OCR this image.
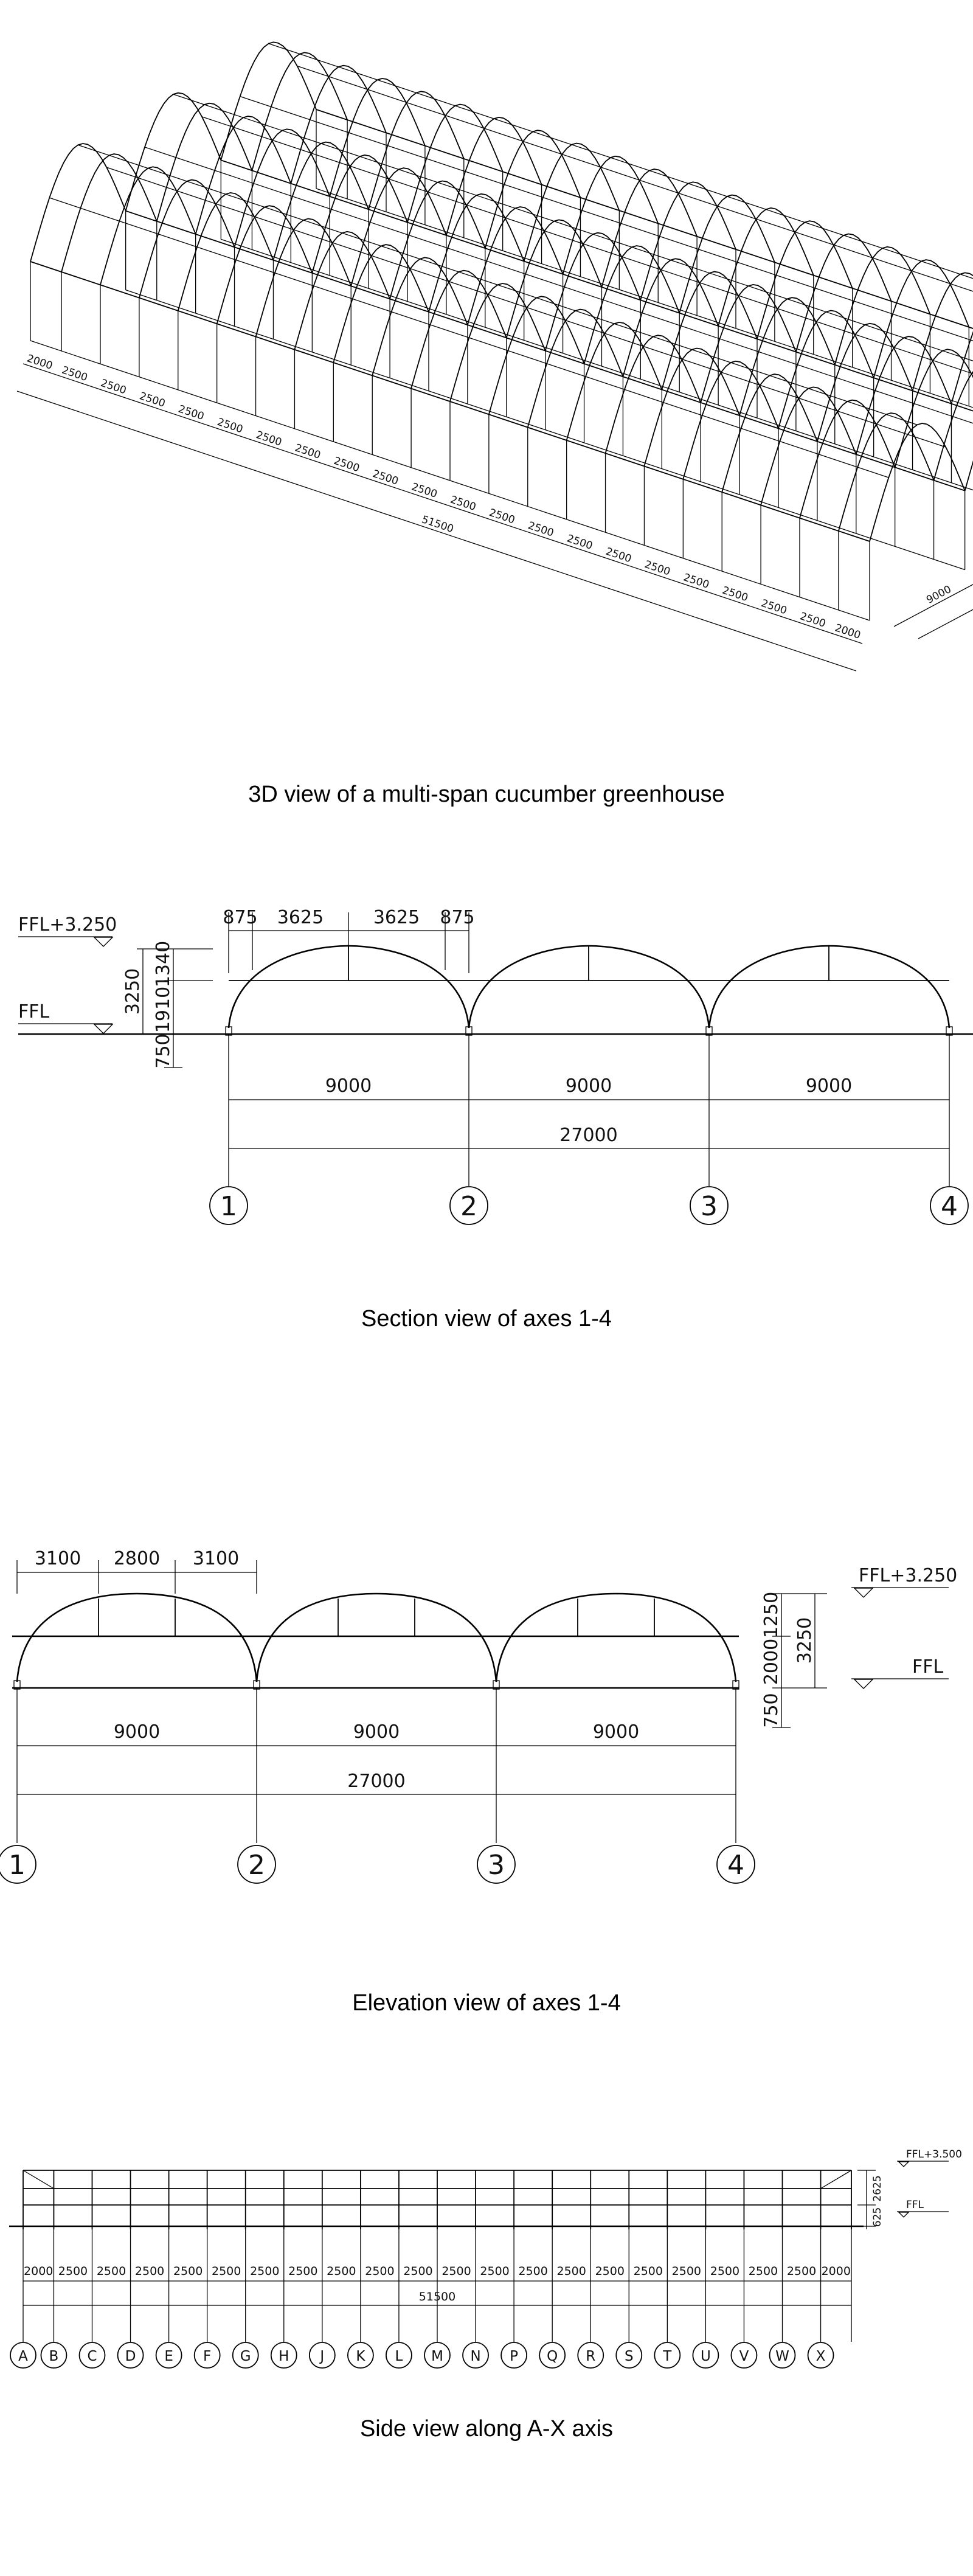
2000
2500
2500
2500
2500
2500
2500
2500
2500
2500
2500
2500
2500
2500
2500
2500
2500
2500
2500
2500
2500
2000
51500
9000
3D view of a multi-span cucumber greenhouse
875 3625	3625 875
FFL+3.250
FFL	3250 1910
1340
750
9000	9000	9000
27000
1	2	3	4
Section view of axes 1-4
3100 2800 3100
1250
2000 3250
750
FFL+3.250
FFL
9000	9000	9000
27000
1	2	3	4
Elevation view of axes 1-4
2000 2500 2500 2500 2500 2500 2500 2500 2500 2500 2500 2500 2500 2500 2500 2500 2500 2500 2500 2500 2500 2000
51500
A B C D E F G H J K L M N P Q R S T U V W X
2625
625
FFL+3.500
FFL
Side view along A-X axis
